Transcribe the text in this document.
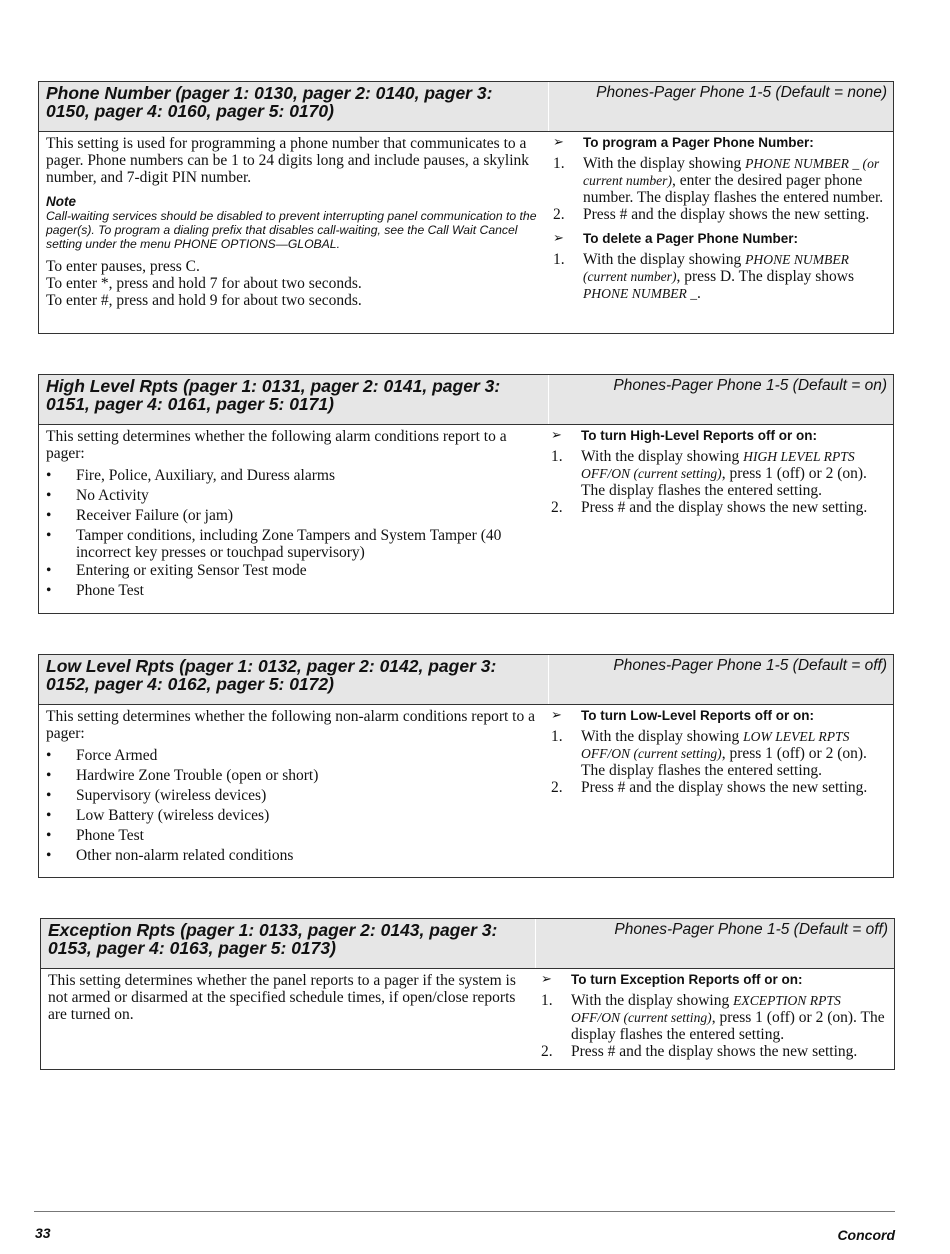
Phone Number (pager 1: 0130, pager 2: 0140, pager 3:
0150, pager 4: 0160, pager 5: 0170)
Phones-Pager Phone 1-5 (Default = none)
This setting is used for programming a phone number that communicates to a pager. Phone numbers can be 1 to 24 digits long and include pauses, a skylink number, and 7-digit PIN number.
Note
Call-waiting services should be disabled to prevent interrupting panel communication to the pager(s). To program a dialing prefix that disables call-waiting, see the Call Wait Cancel setting under the menu PHONE OPTIONS—GLOBAL.
To enter pauses, press C.
To enter *, press and hold 7 for about two seconds.
To enter #, press and hold 9 for about two seconds.
➢	To program a Pager Phone Number:
1.	With the display showing PHONE NUMBER _ (or current number), enter the desired pager phone number. The display flashes the entered number.
2.	Press # and the display shows the new setting.
➢	To delete a Pager Phone Number:
1.	With the display showing PHONE NUMBER (current number), press D. The display shows PHONE NUMBER _.
High Level Rpts (pager 1: 0131, pager 2: 0141, pager 3:
0151, pager 4: 0161, pager 5: 0171)
Phones-Pager Phone 1-5 (Default = on)
This setting determines whether the following alarm conditions report to a pager:
•	Fire, Police, Auxiliary, and Duress alarms
•	No Activity
•	Receiver Failure (or jam)
•	Tamper conditions, including Zone Tampers and System Tamper (40 incorrect key presses or touchpad supervisory)
•	Entering or exiting Sensor Test mode
•	Phone Test
➢	To turn High-Level Reports off or on:
1.	With the display showing HIGH LEVEL RPTS OFF/ON (current setting), press 1 (off) or 2 (on). The display flashes the entered setting.
2.	Press # and the display shows the new setting.
Low Level Rpts (pager 1: 0132, pager 2: 0142, pager 3:
0152, pager 4: 0162, pager 5: 0172)
Phones-Pager Phone 1-5 (Default = off)
This setting determines whether the following non-alarm conditions report to a pager:
•	Force Armed
•	Hardwire Zone Trouble (open or short)
•	Supervisory (wireless devices)
•	Low Battery (wireless devices)
•	Phone Test
•	Other non-alarm related conditions
➢	To turn Low-Level Reports off or on:
1.	With the display showing LOW LEVEL RPTS OFF/ON (current setting), press 1 (off) or 2 (on). The display flashes the entered setting.
2.	Press # and the display shows the new setting.
Exception Rpts (pager 1: 0133, pager 2: 0143, pager 3:
0153, pager 4: 0163, pager 5: 0173)
Phones-Pager Phone 1-5 (Default = off)
This setting determines whether the panel reports to a pager if the system is not armed or disarmed at the specified schedule times, if open/close reports are turned on.
➢	To turn Exception Reports off or on:
1.	With the display showing EXCEPTION RPTS OFF/ON (current setting), press 1 (off) or 2 (on). The display flashes the entered setting.
2.	Press # and the display shows the new setting.
33	Concord
